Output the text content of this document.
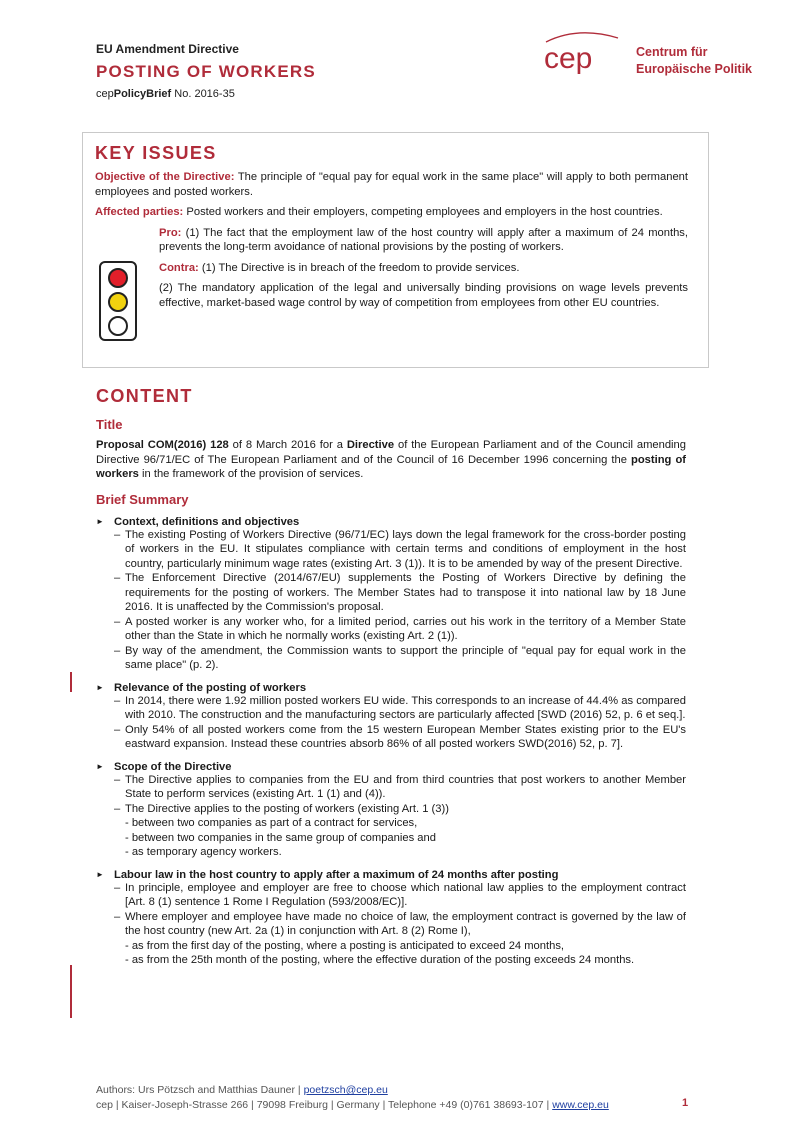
EU Amendment Directive
POSTING OF WORKERS
cepPolicyBrief No. 2016-35
cep	Centrum für
Europäische Politik
KEY ISSUES

Objective of the Directive: The principle of "equal pay for equal work in the same place" will apply to both permanent employees and posted workers.

Affected parties: Posted workers and their employers, competing employees and employers in the host countries.

Pro: (1) The fact that the employment law of the host country will apply after a maximum of 24 months, prevents the long-term avoidance of national provisions by the posting of workers.

Contra: (1) The Directive is in breach of the freedom to provide services.

(2) The mandatory application of the legal and universally binding provisions on wage levels prevents effective, market-based wage control by way of competition from employees from other EU countries.

CONTENT
Title

Proposal COM(2016) 128 of 8 March 2016 for a Directive of the European Parliament and of the Council amending Directive 96/71/EC of The European Parliament and of the Council of 16 December 1996 concerning the posting of workers in the framework of the provision of services.

Brief Summary
► Context, definitions and objectives
– The existing Posting of Workers Directive (96/71/EC) lays down the legal framework for the cross-border posting of workers in the EU. It stipulates compliance with certain terms and conditions of employment in the host country, particularly minimum wage rates (existing Art. 3 (1)). It is to be amended by way of the present Directive.
– The Enforcement Directive (2014/67/EU) supplements the Posting of Workers Directive by defining the requirements for the posting of workers. The Member States had to transpose it into national law by 18 June 2016. It is unaffected by the Commission's proposal.
– A posted worker is any worker who, for a limited period, carries out his work in the territory of a Member State other than the State in which he normally works (existing Art. 2 (1)).
– By way of the amendment, the Commission wants to support the principle of "equal pay for equal work in the same place" (p. 2).
► Relevance of the posting of workers
– In 2014, there were 1.92 million posted workers EU wide. This corresponds to an increase of 44.4% as compared with 2010. The construction and the manufacturing sectors are particularly affected [SWD (2016) 52, p. 6 et seq.].
– Only 54% of all posted workers come from the 15 western European Member States existing prior to the EU's eastward expansion. Instead these countries absorb 86% of all posted workers SWD(2016) 52, p. 7].
► Scope of the Directive
– The Directive applies to companies from the EU and from third countries that post workers to another Member State to perform services (existing Art. 1 (1) and (4)).
– The Directive applies to the posting of workers (existing Art. 1 (3))
- between two companies as part of a contract for services,
- between two companies in the same group of companies and
- as temporary agency workers.
► Labour law in the host country to apply after a maximum of 24 months after posting
– In principle, employee and employer are free to choose which national law applies to the employment contract [Art. 8 (1) sentence 1 Rome I Regulation (593/2008/EC)].
– Where employer and employee have made no choice of law, the employment contract is governed by the law of the host country (new Art. 2a (1) in conjunction with Art. 8 (2) Rome I),
- as from the first day of the posting, where a posting is anticipated to exceed 24 months,
- as from the 25th month of the posting, where the effective duration of the posting exceeds 24 months.
Authors: Urs Pötzsch and Matthias Dauner | poetzsch@cep.eu
cep | Kaiser-Joseph-Strasse 266 | 79098 Freiburg | Germany | Telephone +49 (0)761 38693-107 | www.cep.eu	1
